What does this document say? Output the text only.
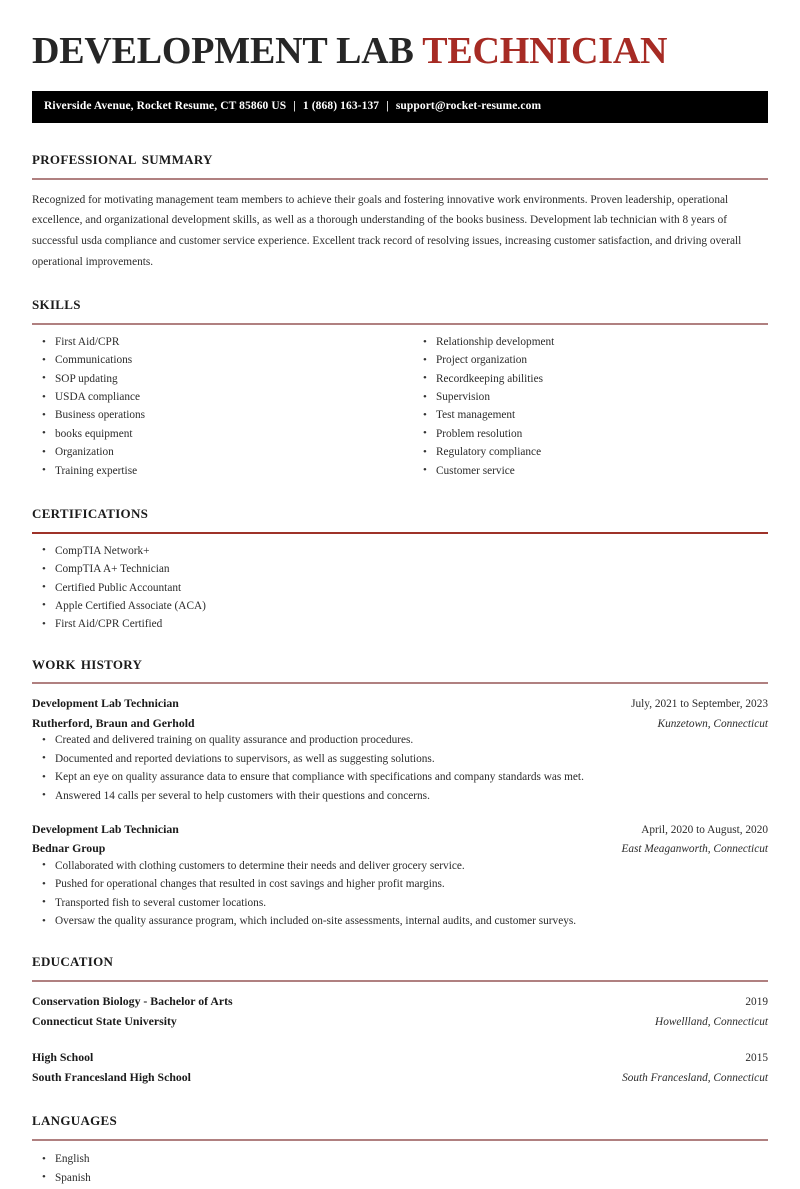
DEVELOPMENT LAB TECHNICIAN
Riverside Avenue, Rocket Resume, CT 85860 US | 1 (868) 163-137 | support@rocket-resume.com
professional summary

Recognized for motivating management team members to achieve their goals and fostering innovative work environments. Proven leadership, operational excellence, and organizational development skills, as well as a thorough understanding of the books business. Development lab technician with 8 years of successful usda compliance and customer service experience. Excellent track record of resolving issues, increasing customer satisfaction, and driving overall operational improvements.

skills
• First Aid/CPR
• Communications
• SOP updating
• USDA compliance
• Business operations
• books equipment
• Organization
• Training expertise
• Relationship development
• Project organization
• Recordkeeping abilities
• Supervision
• Test management
• Problem resolution
• Regulatory compliance
• Customer service
certifications
• CompTIA Network+
• CompTIA A+ Technician
• Certified Public Accountant
• Apple Certified Associate (ACA)
• First Aid/CPR Certified
work history
Development Lab Technician	July, 2021 to September, 2023
Rutherford, Braun and Gerhold	Kunzetown, Connecticut
• Created and delivered training on quality assurance and production procedures.
• Documented and reported deviations to supervisors, as well as suggesting solutions.
• Kept an eye on quality assurance data to ensure that compliance with specifications and company standards was met.
• Answered 14 calls per several to help customers with their questions and concerns.
Development Lab Technician	April, 2020 to August, 2020
Bednar Group	East Meaganworth, Connecticut
• Collaborated with clothing customers to determine their needs and deliver grocery service.
• Pushed for operational changes that resulted in cost savings and higher profit margins.
• Transported fish to several customer locations.
• Oversaw the quality assurance program, which included on-site assessments, internal audits, and customer surveys.
education
Conservation Biology - Bachelor of Arts	2019
Connecticut State University	Howellland, Connecticut
High School	2015
South Francesland High School	South Francesland, Connecticut
languages
• English
• Spanish
